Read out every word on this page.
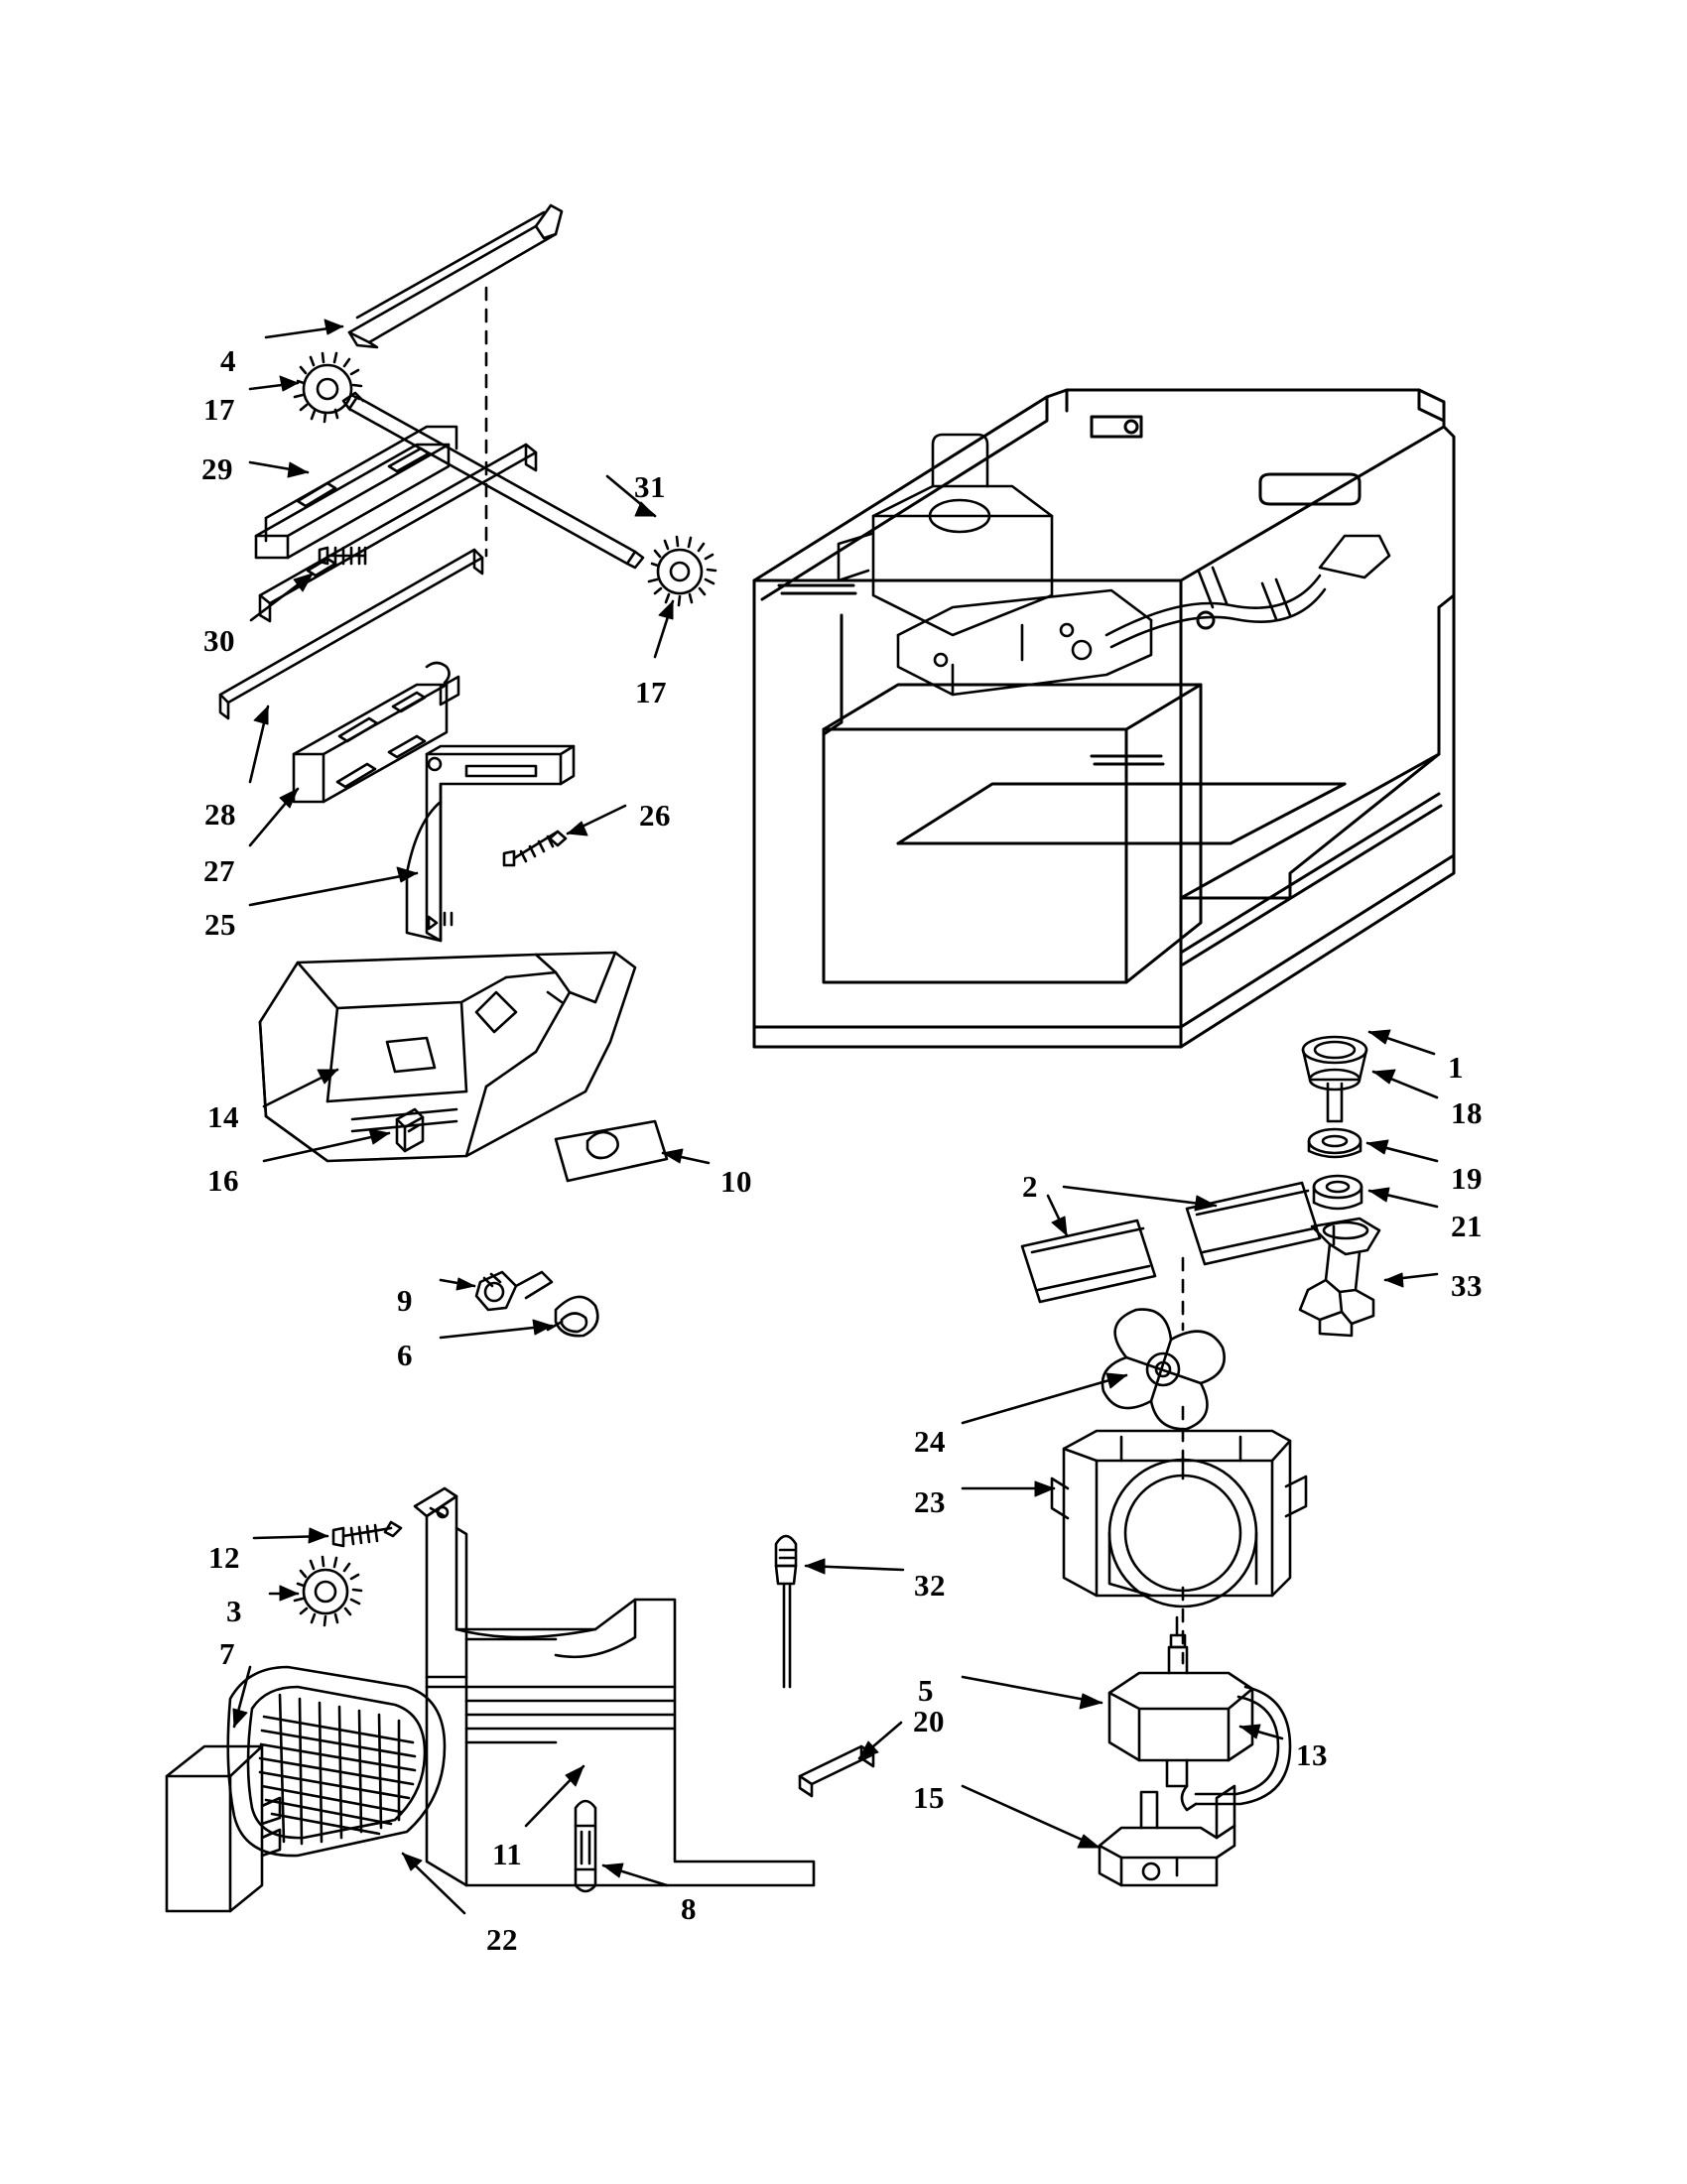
4
17
29
31
30
17
28
27
26
25
1
14	18
16	10	19
2
21
33
9
6
24
23
12
3
32
7
5
20
13
15
11
8
22
